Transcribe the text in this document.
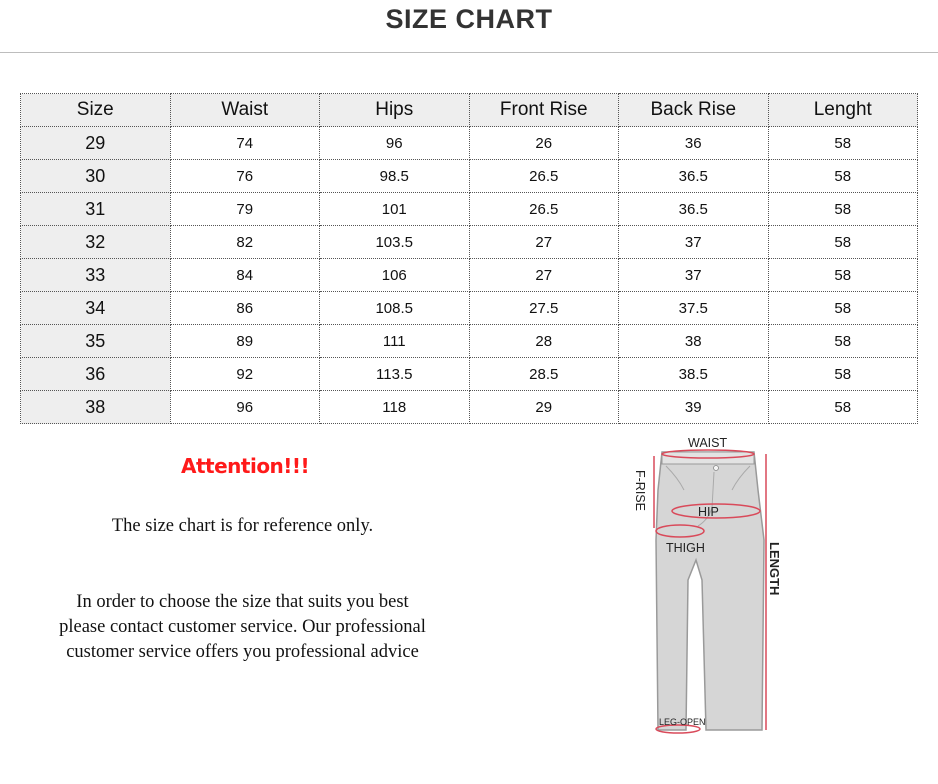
SIZE CHART
Size	Waist	Hips	Front Rise	Back Rise	Lenght
29	74	96	26	36	58
30	76	98.5	26.5	36.5	58
31	79	101	26.5	36.5	58
32	82	103.5	27	37	58
33	84	106	27	37	58
34	86	108.5	27.5	37.5	58
35	89	111	28	38	58
36	92	113.5	28.5	38.5	58
38	96	118	29	39	58
Attention!!!
The size chart is for reference only.
In order to choose the size that suits you best
please contact customer service. Our professional
customer service offers you professional advice
WAIST
F-RISE
HIP
THIGH	LENGTH
LEG-OPEN
